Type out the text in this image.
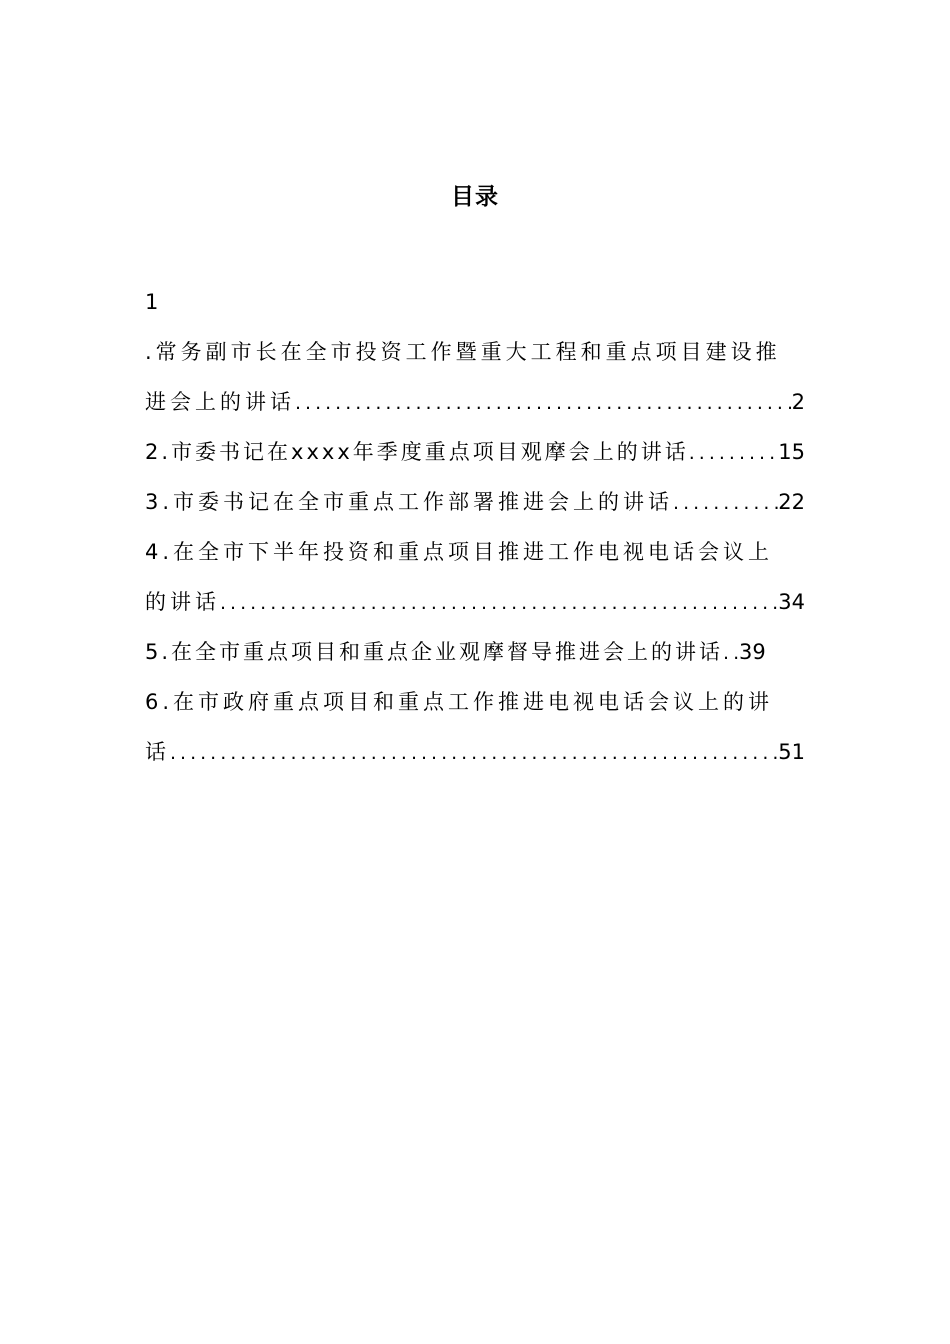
目录
1
.常务副市长在全市投资工作暨重大工程和重点项目建设推
进会上的讲话 .....	2
2.市委书记在xxxx年季度重点项目观摩会上的讲话 .....	15
3.市委书记在全市重点工作部署推进会上的讲话 .....	22
4.在全市下半年投资和重点项目推进工作电视电话会议上
的讲话 .....	34
5.在全市重点项目和重点企业观摩督导推进会上的讲话 ..... 39
6.在市政府重点项目和重点工作推进电视电话会议上的讲
话 .....	51
